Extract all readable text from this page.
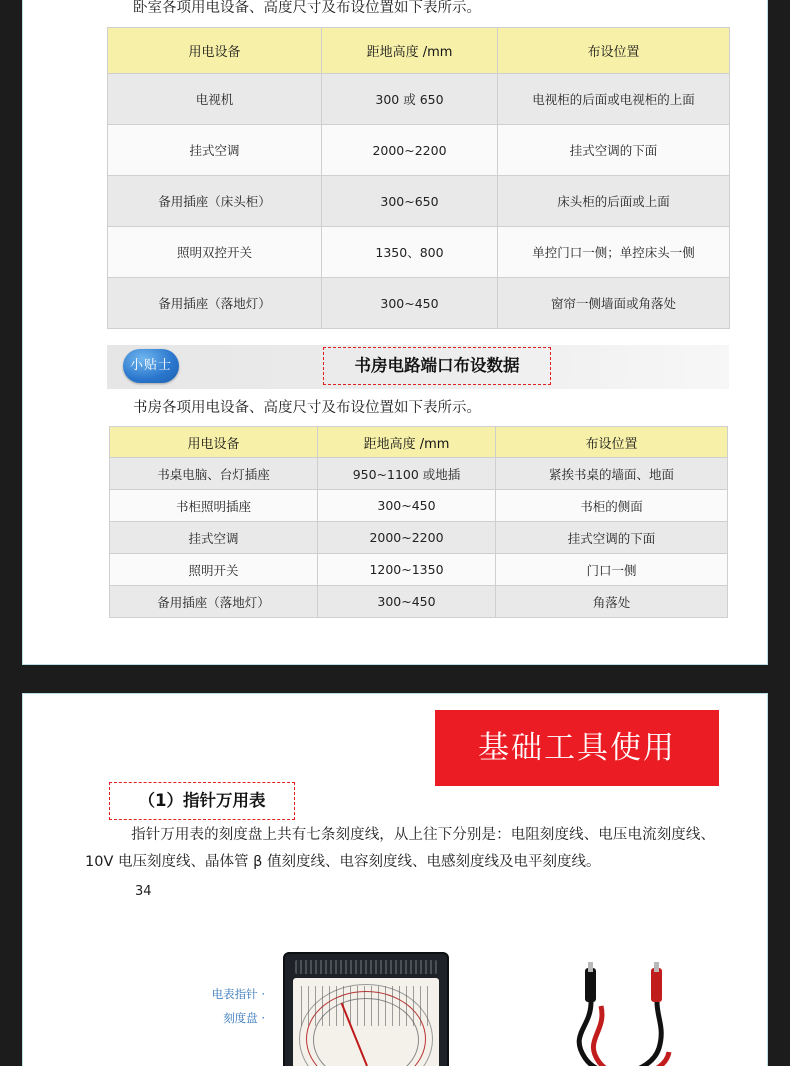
卧室各项用电设备、高度尺寸及布设位置如下表所示。
用电设备	距地高度 /mm	布设位置
电视机	300 或 650	电视柜的后面或电视柜的上面
挂式空调	2000~2200	挂式空调的下面
备用插座（床头柜）	300~650	床头柜的后面或上面
照明双控开关	1350、800	单控门口一侧；单控床头一侧
备用插座（落地灯）	300~450	窗帘一侧墙面或角落处
小贴士	书房电路端口布设数据
书房各项用电设备、高度尺寸及布设位置如下表所示。
用电设备	距地高度 /mm	布设位置
书桌电脑、台灯插座	950~1100 或地插	紧挨书桌的墙面、地面
书柜照明插座	300~450	书柜的侧面
挂式空调	2000~2200	挂式空调的下面
照明开关	1200~1350	门口一侧
备用插座（落地灯）	300~450	角落处
基础工具使用
（1）指针万用表
指针万用表的刻度盘上共有七条刻度线，从上往下分别是：电阻刻度线、电压电流刻度线、10V 电压刻度线、晶体管 β 值刻度线、电容刻度线、电感刻度线及电平刻度线。
34
电表指针 ·
刻度盘 ·
